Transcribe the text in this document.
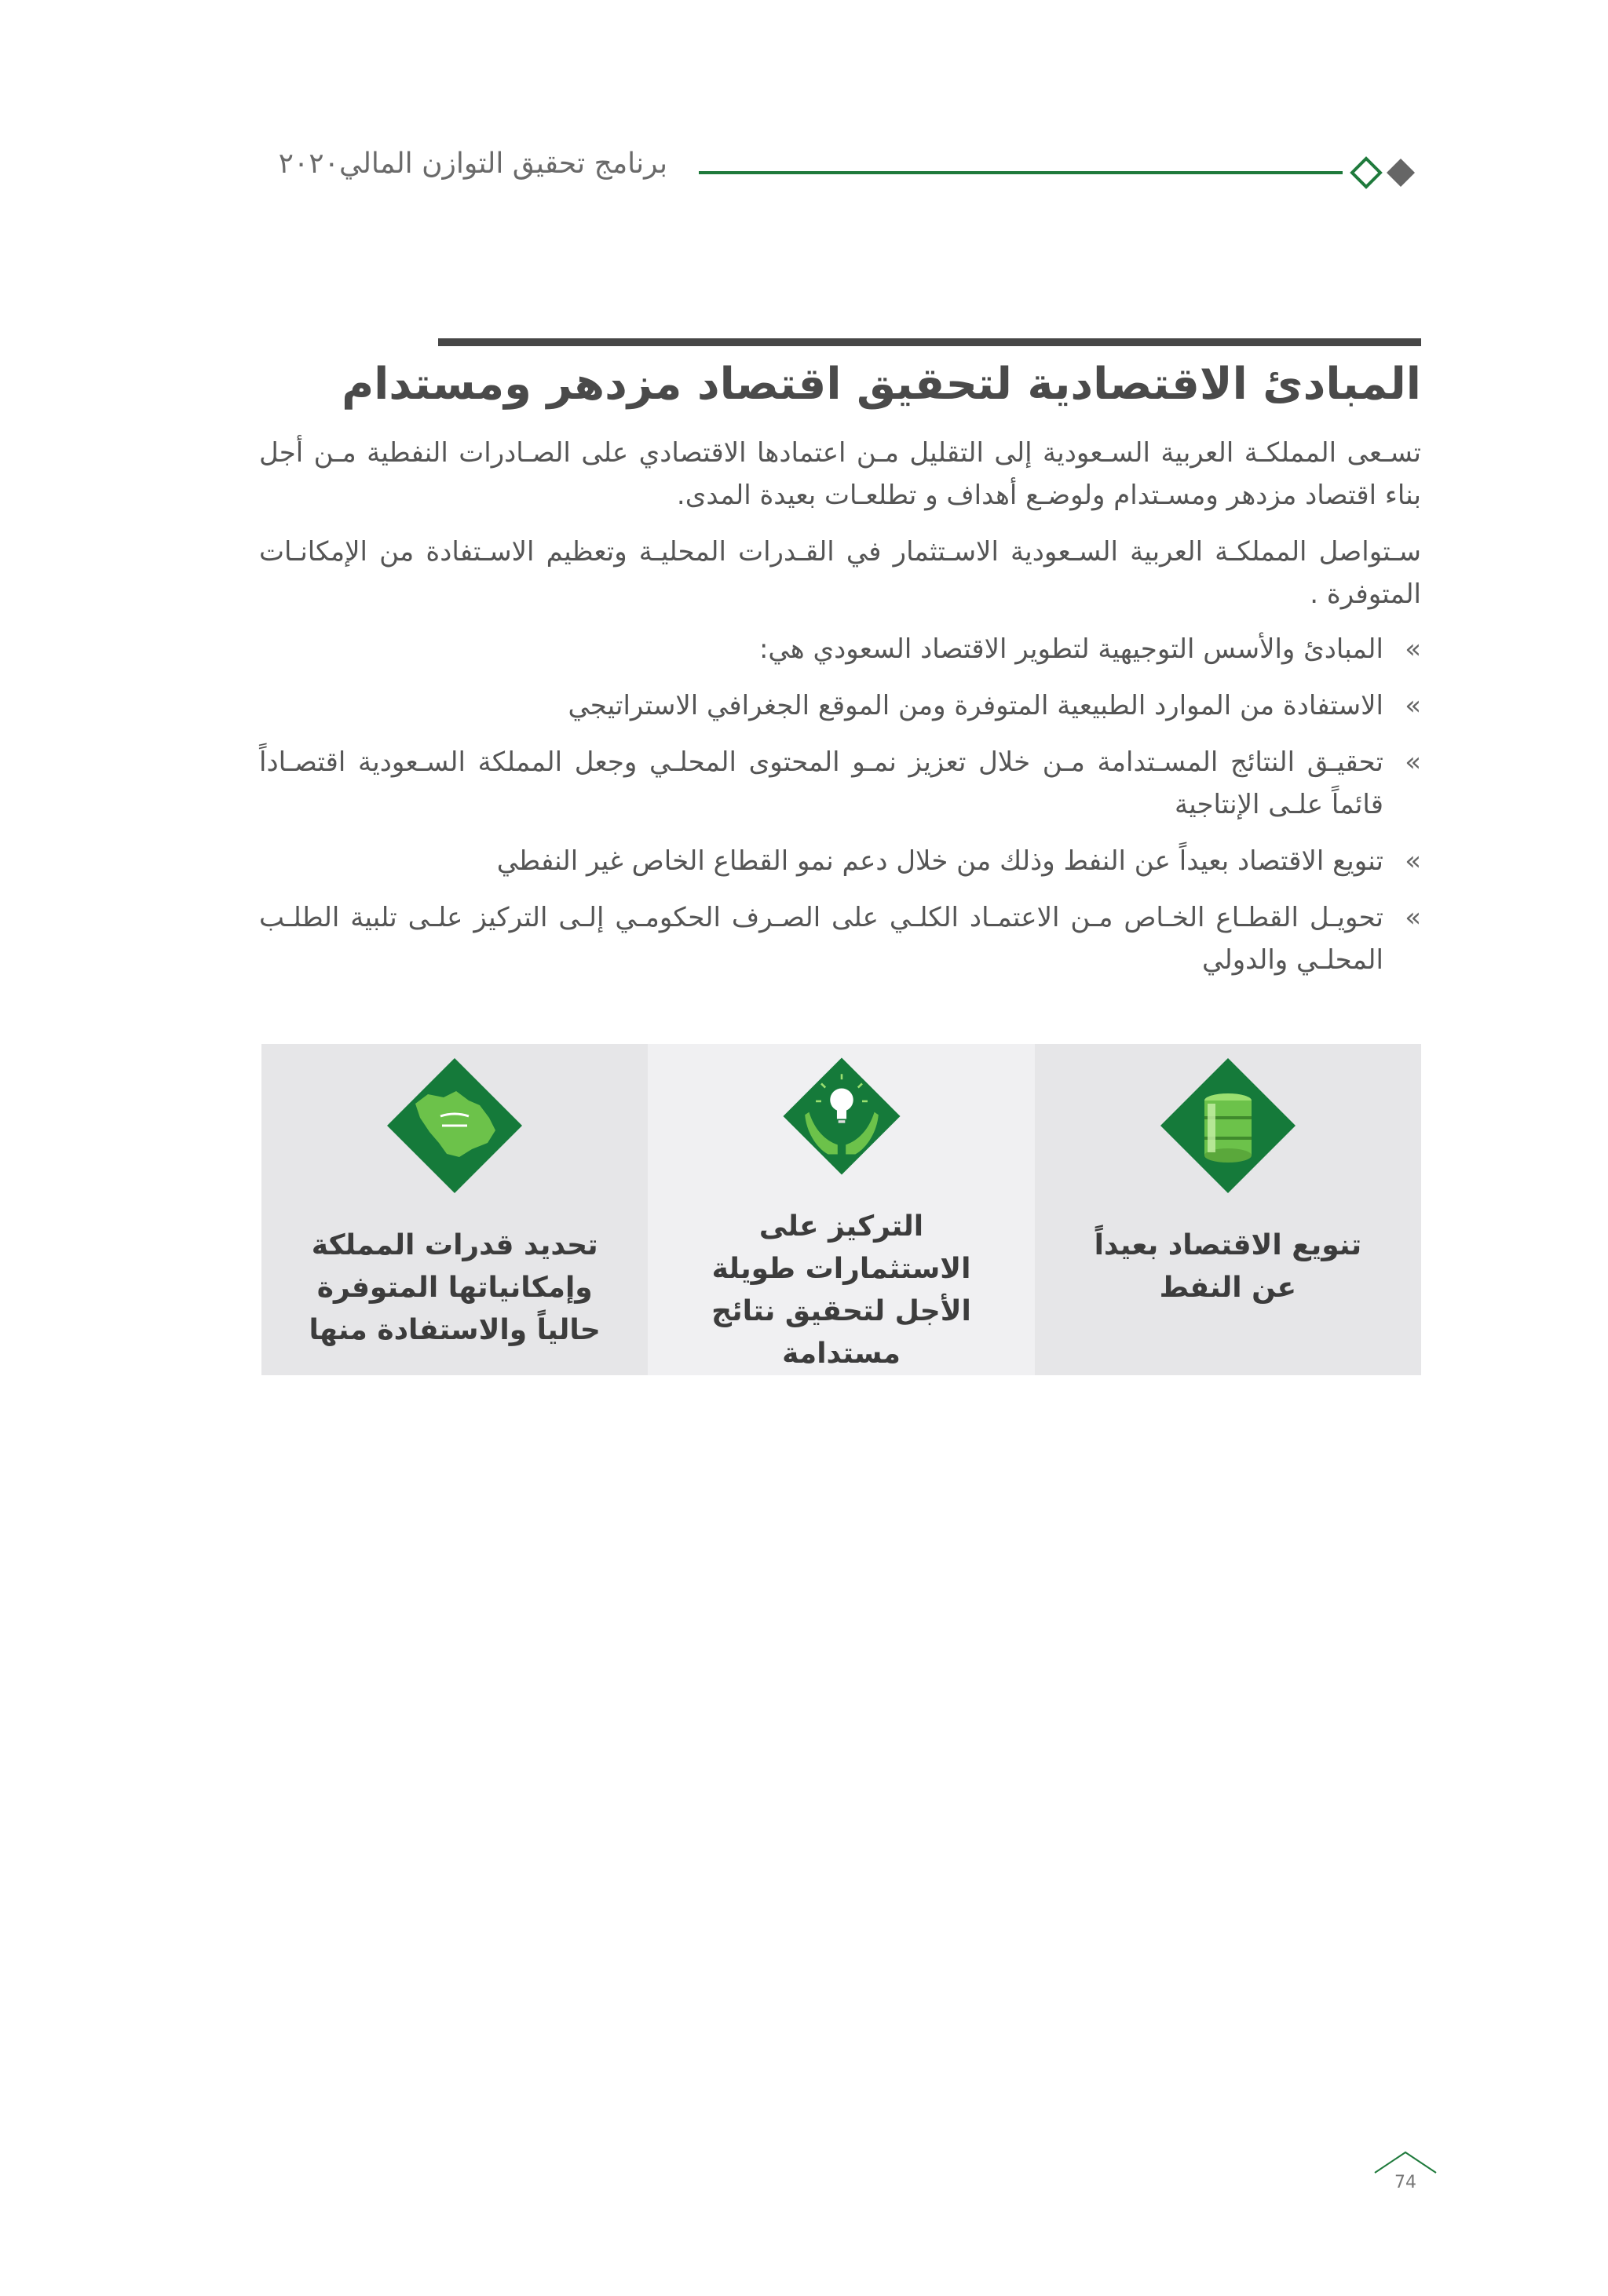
برنامج تحقيق التوازن المالي٢٠٢٠
المبادئ الاقتصادية لتحقيق اقتصاد مزدهر ومستدام

تسـعى المملكـة العربية السـعودية إلى التقليل مـن اعتمادها الاقتصادي على الصـادرات النفطية مـن أجل بناء اقتصاد مزدهر ومسـتدام ولوضـع أهداف و تطلعـات بعيدة المدى.

سـتواصل المملكـة العربية السـعودية الاسـتثمار في القـدرات المحليـة وتعظيم الاسـتفادة من الإمكانـات المتوفرة .

»
المبادئ والأسس التوجيهية لتطوير الاقتصاد السعودي هي:
»
الاستفادة من الموارد الطبيعية المتوفرة ومن الموقع الجغرافي الاستراتيجي
»
تحقيـق النتائج المسـتدامة مـن خلال تعزيز نمـو المحتوى المحلـي وجعل المملكة السـعودية اقتصـاداً قائماً علـى الإنتاجية
»
تنويع الاقتصاد بعيداً عن النفط وذلك من خلال دعم نمو القطاع الخاص غير النفطي
»
تحويـل القطـاع الخـاص مـن الاعتمـاد الكلـي على الصـرف الحكومـي إلـى التركيز علـى تلبية الطلـب المحلـي والدولي
تنويع الاقتصاد بعيداً عن النفط
التركيز على الاستثمارات طويلة الأجل لتحقيق نتائج مستدامة
تحديد قدرات المملكة وإمكانياتها المتوفرة حالياً والاستفادة منها
74
